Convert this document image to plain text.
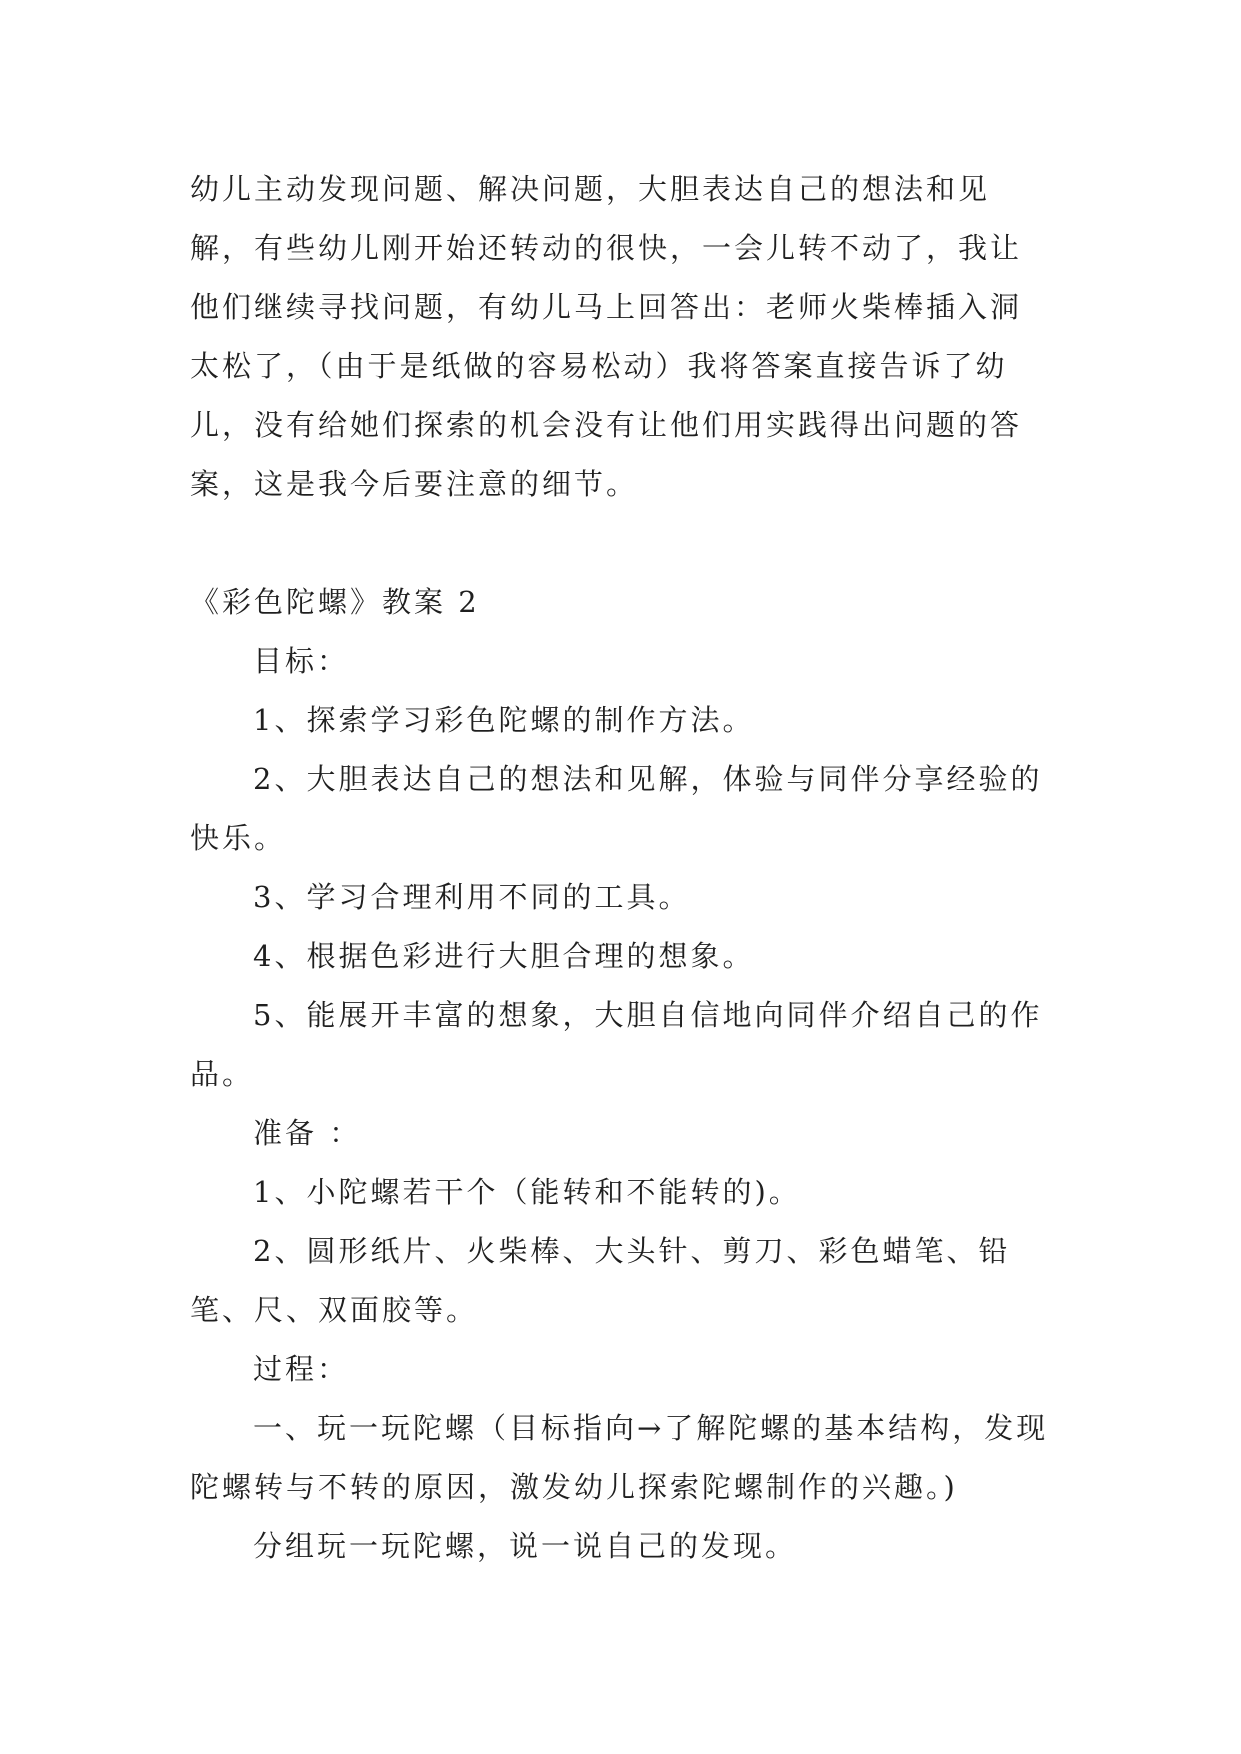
幼儿主动发现问题、解决问题，大胆表达自己的想法和见解，有些幼儿刚开始还转动的很快，一会儿转不动了，我让他们继续寻找问题，有幼儿马上回答出：老师火柴棒插入洞太松了，（由于是纸做的容易松动）我将答案直接告诉了幼儿，没有给她们探索的机会没有让他们用实践得出问题的答案，这是我今后要注意的细节。

《彩色陀螺》教案 2

目标：

1、探索学习彩色陀螺的制作方法。

2、大胆表达自己的想法和见解，体验与同伴分享经验的快乐。

3、学习合理利用不同的工具。

4、根据色彩进行大胆合理的想象。

5、能展开丰富的想象，大胆自信地向同伴介绍自己的作品。

准备 ：

1、小陀螺若干个（能转和不能转的)。

2、圆形纸片、火柴棒、大头针、剪刀、彩色蜡笔、铅笔、尺、双面胶等。

过程：

一、玩一玩陀螺（目标指向→了解陀螺的基本结构，发现陀螺转与不转的原因，激发幼儿探索陀螺制作的兴趣。)

分组玩一玩陀螺，说一说自己的发现。
